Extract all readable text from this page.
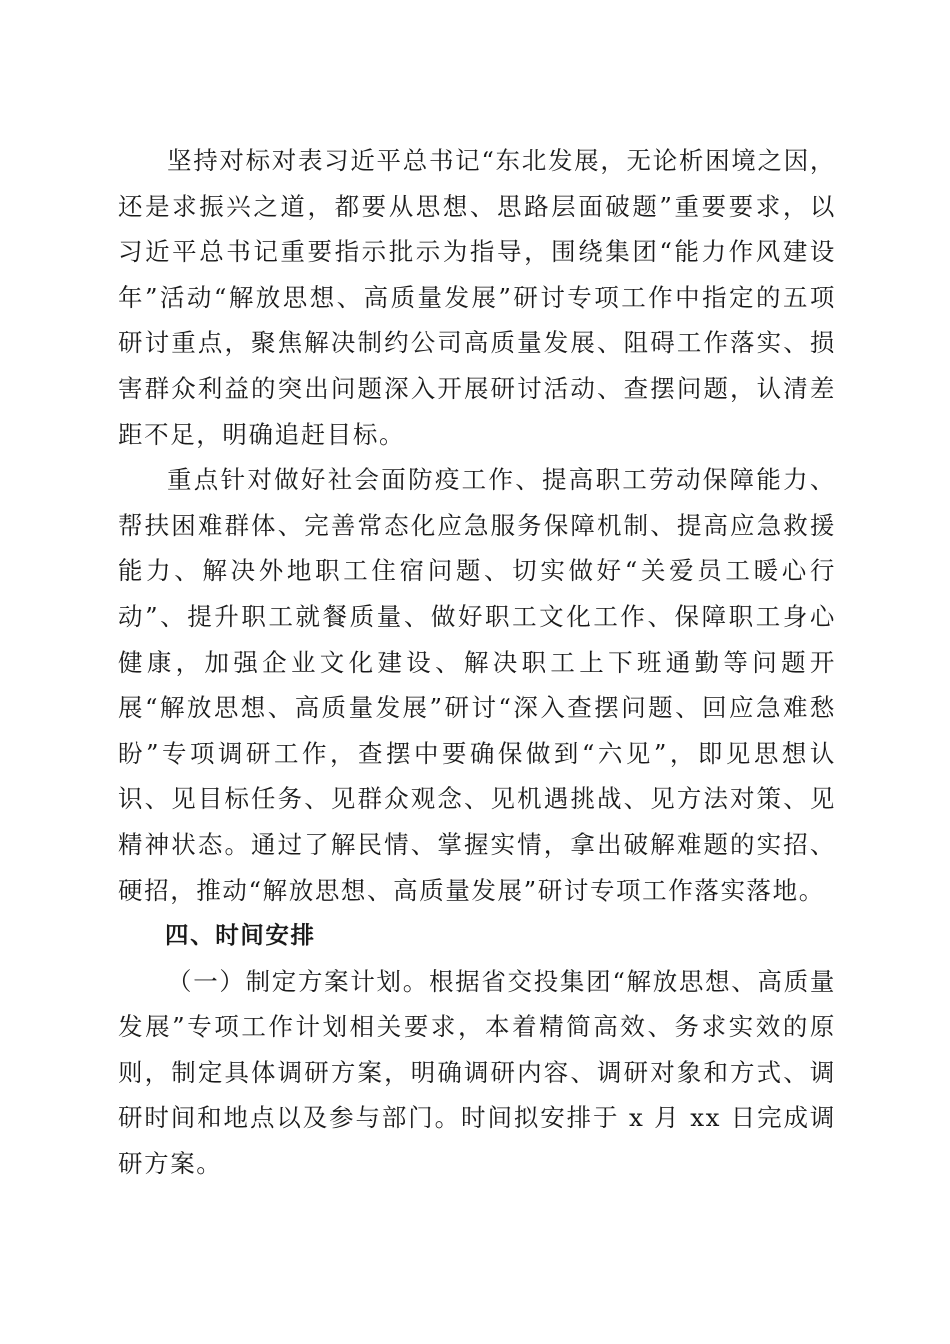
坚持对标对表习近平总书记“东北发展，无论析困境之因，还是求振兴之道，都要从思想、思路层面破题”重要要求，以习近平总书记重要指示批示为指导，围绕集团“能力作风建设年”活动“解放思想、高质量发展”研讨专项工作中指定的五项研讨重点，聚焦解决制约公司高质量发展、阻碍工作落实、损害群众利益的突出问题深入开展研讨活动、查摆问题，认清差距不足，明确追赶目标。

重点针对做好社会面防疫工作、提高职工劳动保障能力、帮扶困难群体、完善常态化应急服务保障机制、提高应急救援能力、解决外地职工住宿问题、切实做好“关爱员工暖心行动”、提升职工就餐质量、做好职工文化工作、保障职工身心健康，加强企业文化建设、解决职工上下班通勤等问题开展“解放思想、高质量发展”研讨“深入查摆问题、回应急难愁盼”专项调研工作，查摆中要确保做到“六见”，即见思想认识、见目标任务、见群众观念、见机遇挑战、见方法对策、见精神状态。通过了解民情、掌握实情，拿出破解难题的实招、硬招，推动“解放思想、高质量发展”研讨专项工作落实落地。

四、时间安排

（一）制定方案计划。根据省交投集团“解放思想、高质量发展”专项工作计划相关要求，本着精简高效、务求实效的原则，制定具体调研方案，明确调研内容、调研对象和方式、调研时间和地点以及参与部门。时间拟安排于 x 月 xx 日完成调研方案。
